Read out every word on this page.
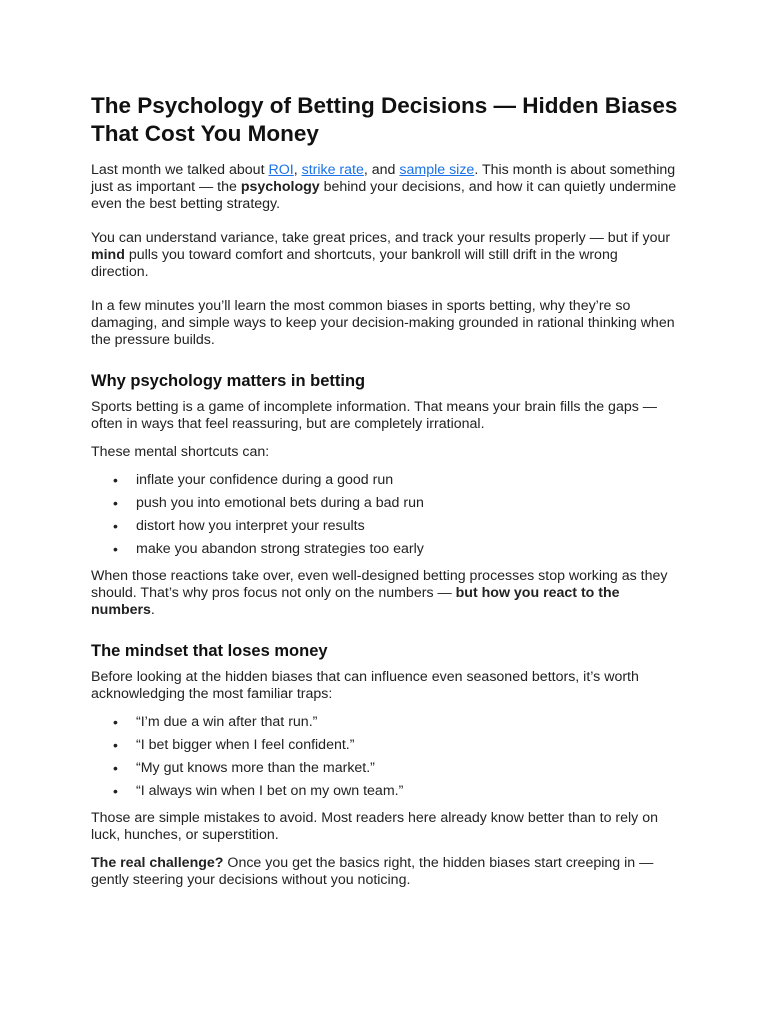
The Psychology of Betting Decisions — Hidden Biases That Cost You Money

Last month we talked about ROI, strike rate, and sample size. This month is about something just as important — the psychology behind your decisions, and how it can quietly undermine even the best betting strategy.

You can understand variance, take great prices, and track your results properly — but if your mind pulls you toward comfort and shortcuts, your bankroll will still drift in the wrong direction.

In a few minutes you’ll learn the most common biases in sports betting, why they’re so damaging, and simple ways to keep your decision-making grounded in rational thinking when the pressure builds.

Why psychology matters in betting

Sports betting is a game of incomplete information. That means your brain fills the gaps — often in ways that feel reassuring, but are completely irrational.

These mental shortcuts can:

• inflate your confidence during a good run
• push you into emotional bets during a bad run
• distort how you interpret your results
• make you abandon strong strategies too early

When those reactions take over, even well-designed betting processes stop working as they should. That’s why pros focus not only on the numbers — but how you react to the numbers.

The mindset that loses money

Before looking at the hidden biases that can influence even seasoned bettors, it’s worth acknowledging the most familiar traps:

• “I’m due a win after that run.”
• “I bet bigger when I feel confident.”
• “My gut knows more than the market.”
• “I always win when I bet on my own team.”

Those are simple mistakes to avoid. Most readers here already know better than to rely on luck, hunches, or superstition.

The real challenge? Once you get the basics right, the hidden biases start creeping in — gently steering your decisions without you noticing.
